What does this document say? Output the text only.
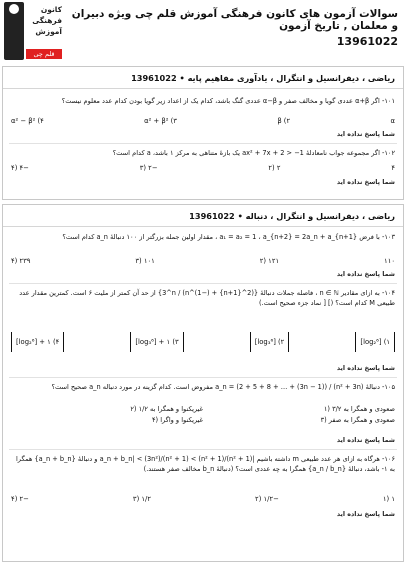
کانون
فرهنگی
آموزش
قلم چی
سوالات آزمون های کانون فرهنگی آموزش قلم چی ویژه دبیران و معلمان , تاریخ آزمون
13961022
ریاضی ، دیفرانسیل و انتگرال ، یادآوری مفاهیم پایه • 13961022
۱۰۱- اگر α+β عددی گویا و مخالف صفر و α−β عددی گنگ باشد، کدام یک از اعداد زیر گویا بودن کدام عدد معلوم نیست؟
α
β (۲
α² + β² (۳
α² − β² (۴
شما پاسخ نداده اید
۱۰۲- اگر مجموعه جواب نامعادلهٔ 1− < ax² + 7x + 2 یک بازهٔ متناهی به مرکز ۱ باشد، a کدام است؟
۴
۲ (۲
−۲ (۳
−۴ (۴
شما پاسخ نداده اید
ریاضی ، دیفرانسیل و انتگرال ، دنباله • 13961022
۱۰۳- با فرض a₁ = a₂ = 1 ، a_{n+2} = 2a_n + a_{n+1} ، مقدار اولین جمله بزرگتر از ۱۰۰ دنبالهٔ a_n کدام است؟
۱۱۰
۱۲۱ (۲
۱۰۱ (۳
۲۳۹ (۴
شما پاسخ نداده اید
۱۰۴- به ازای مقادیر n ∈ ℕ ، فاصله جملات دنبالهٔ {(2^{n+1} + (−1)^n) / 3^n} از حد آن کمتر از ملیت ۶ است. کمترین مقدار عدد طبیعی M کدام است؟ (] [ نماد جزء صحیح است.)
[log₂⁶] (۱
[log₃⁶] (۲
[log₃⁶] + ۱ (۳
[log₂⁶] + ۱ (۴
شما پاسخ نداده اید
۱۰۵- دنبالهٔ a_n = (2 + 5 + 8 + … + (3n − 1)) / (n² + 3n) مفروض است. کدام گزینه در مورد دنباله a_n صحیح است؟
صعودی و همگرا به ۳/۲ (۱
غیریکنوا و همگرا به ۱/۲ (۲
صعودی و همگرا به صفر (۳
غیریکنوا و واگرا (۴
شما پاسخ نداده اید
۱۰۶- هرگاه به ازای هر عدد طبیعی m داشته باشیم |a_n + b_n| < (3n²)/(n² + 1) < (n² + 1)/(n² + 1) و دنبالهٔ {a_n + b_n} همگرا به ۱- باشد، دنبالهٔ {a_n / b_n} همگرا به چه عددی است؟ (دنبالهٔ b_n مخالف صفر هستند.)
۱ (۱
−۱/۲ (۲
۱/۲ (۳
−۲ (۴
شما پاسخ نداده اید
